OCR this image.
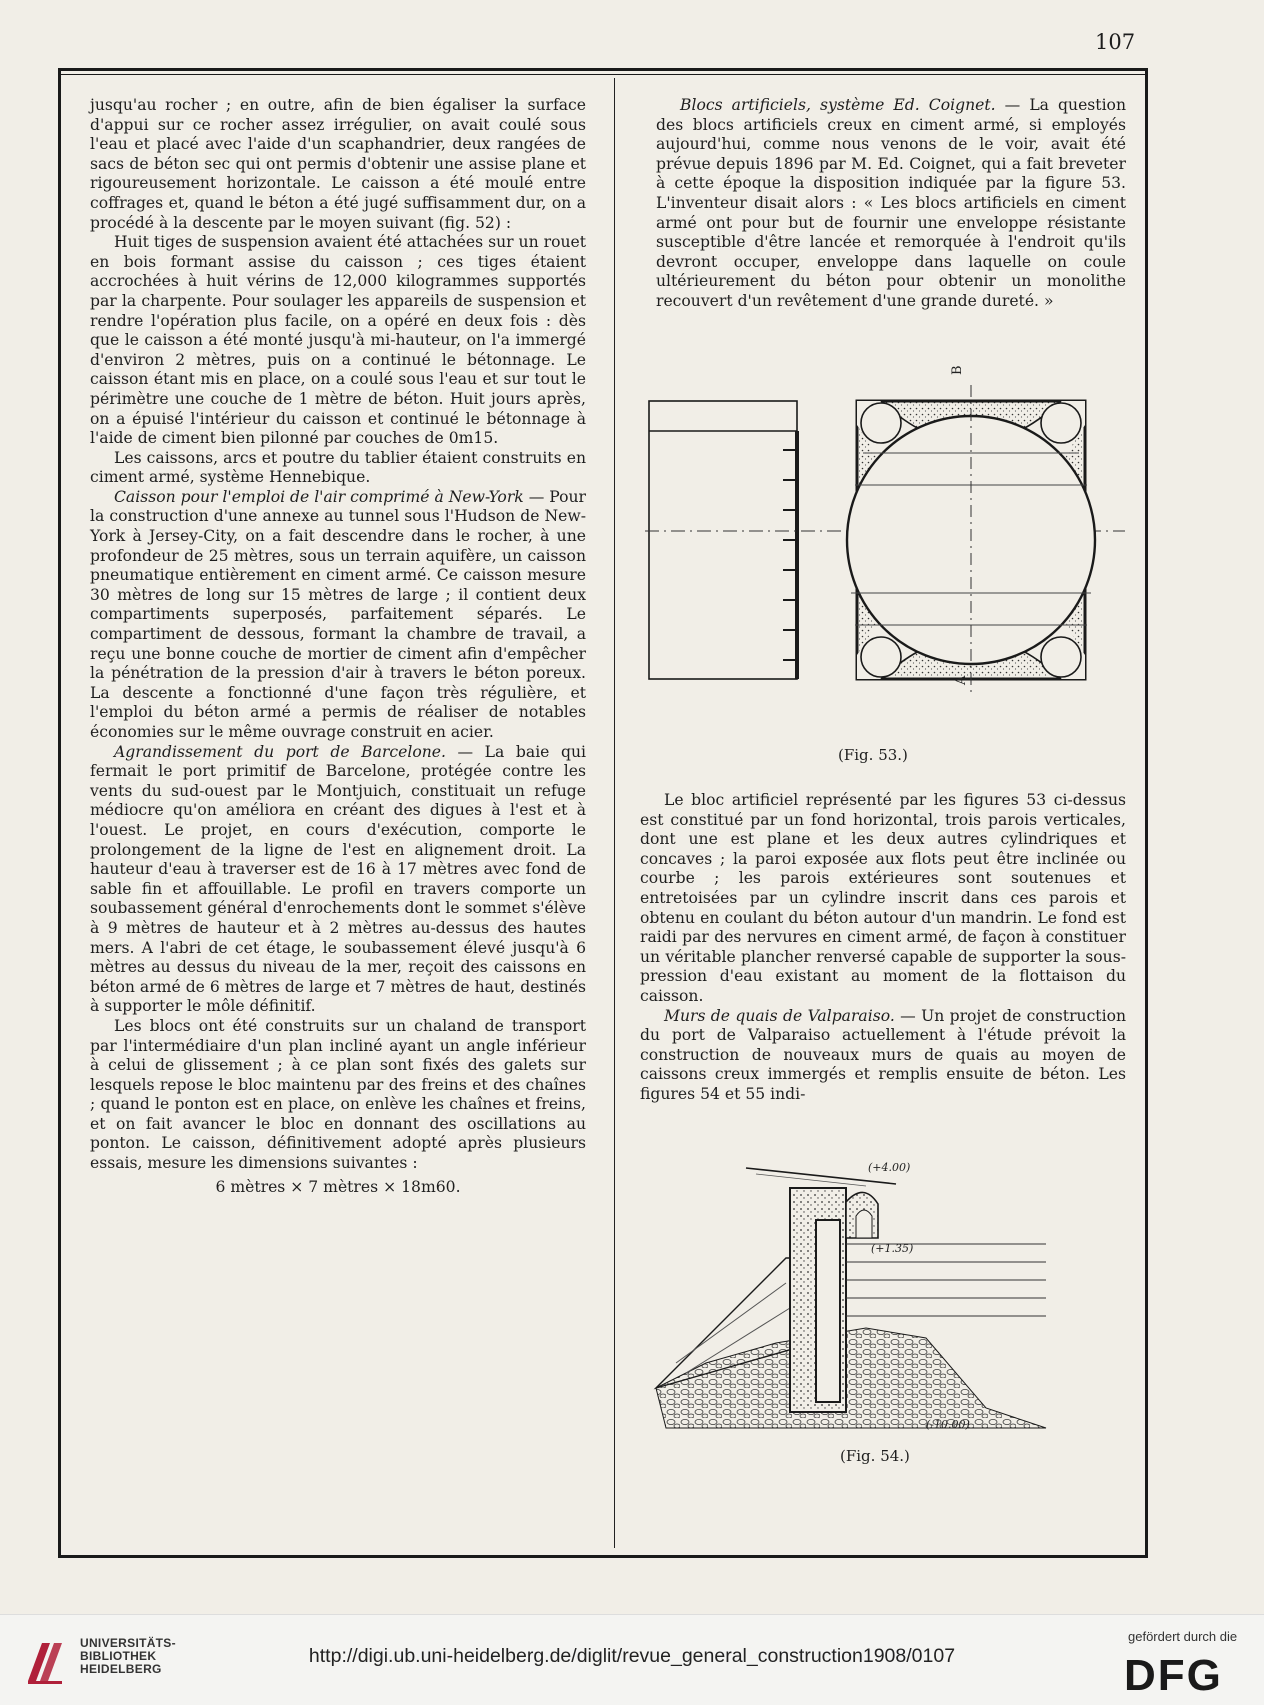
107

jusqu'au rocher ; en outre, afin de bien égaliser la surface d'appui sur ce rocher assez irrégulier, on avait coulé sous l'eau et placé avec l'aide d'un scaphandrier, deux rangées de sacs de béton sec qui ont permis d'obtenir une assise plane et rigoureusement horizontale. Le caisson a été moulé entre coffrages et, quand le béton a été jugé suffisamment dur, on a procédé à la descente par le moyen suivant (fig. 52) :

Huit tiges de suspension avaient été attachées sur un rouet en bois formant assise du caisson ; ces tiges étaient accrochées à huit vérins de 12,000 kilogrammes supportés par la charpente. Pour soulager les appareils de suspension et rendre l'opération plus facile, on a opéré en deux fois : dès que le caisson a été monté jusqu'à mi-hauteur, on l'a immergé d'environ 2 mètres, puis on a continué le bétonnage. Le caisson étant mis en place, on a coulé sous l'eau et sur tout le périmètre une couche de 1 mètre de béton. Huit jours après, on a épuisé l'intérieur du caisson et continué le bétonnage à l'aide de ciment bien pilonné par couches de 0m15.

Les caissons, arcs et poutre du tablier étaient construits en ciment armé, système Hennebique.

Caisson pour l'emploi de l'air comprimé à New-York — Pour la construction d'une annexe au tunnel sous l'Hudson de New-York à Jersey-City, on a fait descendre dans le rocher, à une profondeur de 25 mètres, sous un terrain aquifère, un caisson pneumatique entièrement en ciment armé. Ce caisson mesure 30 mètres de long sur 15 mètres de large ; il contient deux compartiments superposés, parfaitement séparés. Le compartiment de dessous, formant la chambre de travail, a reçu une bonne couche de mortier de ciment afin d'empêcher la pénétration de la pression d'air à travers le béton poreux. La descente a fonctionné d'une façon très régulière, et l'emploi du béton armé a permis de réaliser de notables économies sur le même ouvrage construit en acier.

Agrandissement du port de Barcelone. — La baie qui fermait le port primitif de Barcelone, protégée contre les vents du sud-ouest par le Montjuich, constituait un refuge médiocre qu'on améliora en créant des digues à l'est et à l'ouest. Le projet, en cours d'exécution, comporte le prolongement de la ligne de l'est en alignement droit. La hauteur d'eau à traverser est de 16 à 17 mètres avec fond de sable fin et affouillable. Le profil en travers comporte un soubassement général d'enrochements dont le sommet s'élève à 9 mètres de hauteur et à 2 mètres au-dessus des hautes mers. A l'abri de cet étage, le soubassement élevé jusqu'à 6 mètres au dessus du niveau de la mer, reçoit des caissons en béton armé de 6 mètres de large et 7 mètres de haut, destinés à supporter le môle définitif.

Les blocs ont été construits sur un chaland de transport par l'intermédiaire d'un plan incliné ayant un angle inférieur à celui de glissement ; à ce plan sont fixés des galets sur lesquels repose le bloc maintenu par des freins et des chaînes ; quand le ponton est en place, on enlève les chaînes et freins, et on fait avancer le bloc en donnant des oscillations au ponton. Le caisson, définitivement adopté après plusieurs essais, mesure les dimensions suivantes :

6 mètres × 7 mètres × 18m60.

Blocs artificiels, système Ed. Coignet. — La question des blocs artificiels creux en ciment armé, si employés aujourd'hui, comme nous venons de le voir, avait été prévue depuis 1896 par M. Ed. Coignet, qui a fait breveter à cette époque la disposition indiquée par la figure 53. L'inventeur disait alors : « Les blocs artificiels en ciment armé ont pour but de fournir une enveloppe résistante susceptible d'être lancée et remorquée à l'endroit qu'ils devront occuper, enveloppe dans laquelle on coule ultérieurement du béton pour obtenir un monolithe recouvert d'un revêtement d'une grande dureté. »

B
A
(Fig. 53.)

Le bloc artificiel représenté par les figures 53 ci-dessus est constitué par un fond horizontal, trois parois verticales, dont une est plane et les deux autres cylindriques et concaves ; la paroi exposée aux flots peut être inclinée ou courbe ; les parois extérieures sont soutenues et entretoisées par un cylindre inscrit dans ces parois et obtenu en coulant du béton autour d'un mandrin. Le fond est raidi par des nervures en ciment armé, de façon à constituer un véritable plancher renversé capable de supporter la sous-pression d'eau existant au moment de la flottaison du caisson.

Murs de quais de Valparaiso. — Un projet de construction du port de Valparaiso actuellement à l'étude prévoit la construction de nouveaux murs de quais au moyen de caissons creux immergés et remplis ensuite de béton. Les figures 54 et 55 indi-

(+4.00)
(+1.35)
(-10.00)
(Fig. 54.)
UNIVERSITÄTS-
BIBLIOTHEK
HEIDELBERG
http://digi.ub.uni-heidelberg.de/diglit/revue_general_construction1908/0107
gefördert durch die
DFG
